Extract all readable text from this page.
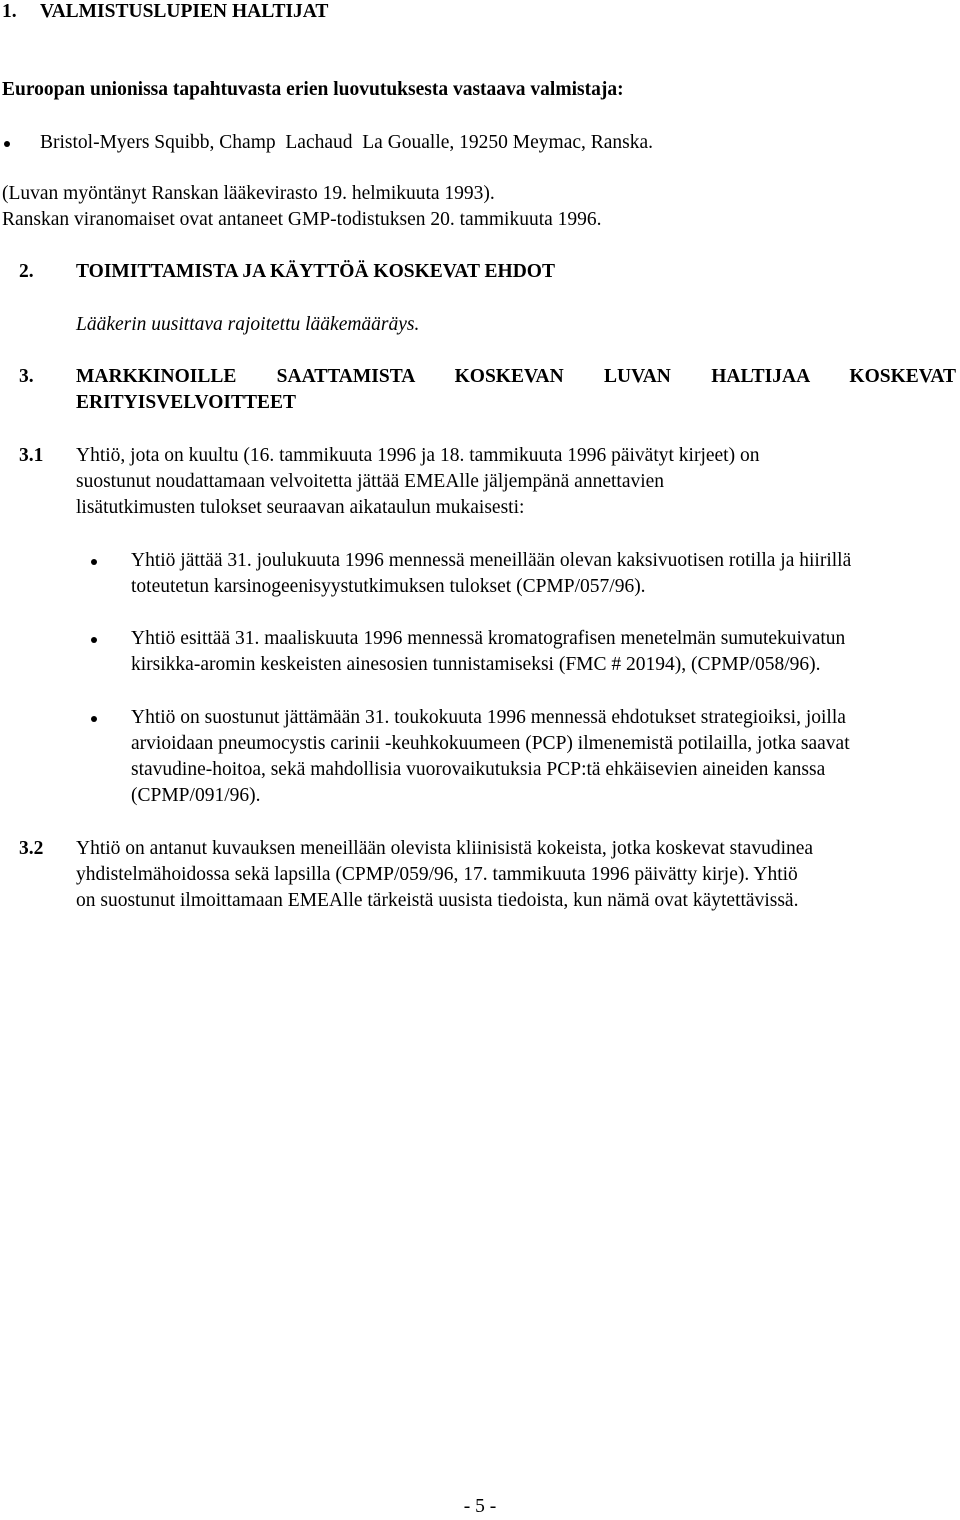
1. VALMISTUSLUPIEN HALTIJAT
Euroopan unionissa tapahtuvasta erien luovutuksesta vastaava valmistaja:
Bristol-Myers Squibb, Champ  Lachaud  La Goualle, 19250 Meymac, Ranska.
(Luvan myöntänyt Ranskan lääkevirasto 19. helmikuuta 1993).
Ranskan viranomaiset ovat antaneet GMP-todistuksen 20. tammikuuta 1996.
2. TOIMITTAMISTA JA KÄYTTÖÄ KOSKEVAT EHDOT
Lääkerin uusittava rajoitettu lääkemääräys.
3. MARKKINOILLE SAATTAMISTA KOSKEVAN LUVAN HALTIJAA KOSKEVAT
ERITYISVELVOITTEET
3.1 Yhtiö, jota on kuultu (16. tammikuuta 1996 ja 18. tammikuuta 1996 päivätyt kirjeet) on
suostunut noudattamaan velvoitetta jättää EMEAlle jäljempänä annettavien
lisätutkimusten tulokset seuraavan aikataulun mukaisesti:
Yhtiö jättää 31. joulukuuta 1996 mennessä meneillään olevan kaksivuotisen rotilla ja hiirillä
toteutetun karsinogeenisyystutkimuksen tulokset (CPMP/057/96).
Yhtiö esittää 31. maaliskuuta 1996 mennessä kromatografisen menetelmän sumutekuivatun
kirsikka-aromin keskeisten ainesosien tunnistamiseksi (FMC # 20194), (CPMP/058/96).
Yhtiö on suostunut jättämään 31. toukokuuta 1996 mennessä ehdotukset strategioiksi, joilla
arvioidaan pneumocystis carinii -keuhkokuumeen (PCP) ilmenemistä potilailla, jotka saavat
stavudine-hoitoa, sekä mahdollisia vuorovaikutuksia PCP:tä ehkäisevien aineiden kanssa
(CPMP/091/96).
3.2 Yhtiö on antanut kuvauksen meneillään olevista kliinisistä kokeista, jotka koskevat stavudinea
yhdistelmähoidossa sekä lapsilla (CPMP/059/96, 17. tammikuuta 1996 päivätty kirje). Yhtiö
on suostunut ilmoittamaan EMEAlle tärkeistä uusista tiedoista, kun nämä ovat käytettävissä.
- 5 -
